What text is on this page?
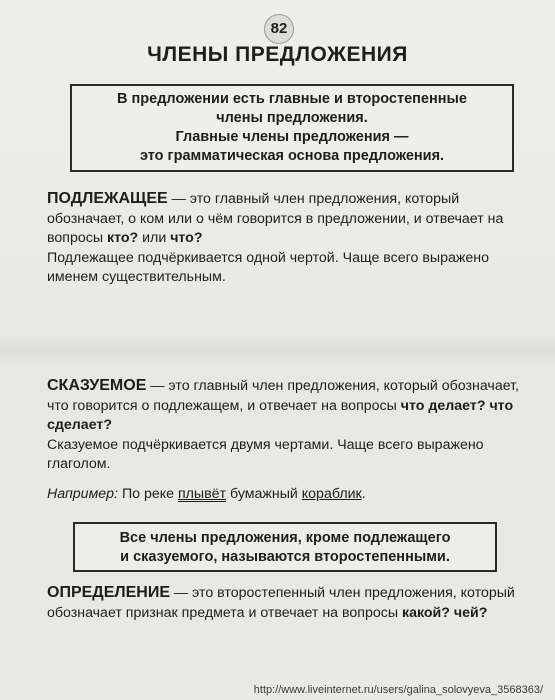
​
82
ЧЛЕНЫ ПРЕДЛОЖЕНИЯ
В предложении есть главные и второстепенные
члены предложения.
Главные члены предложения —
это грамматическая основа предложения.
ПОДЛЕЖАЩЕЕ — это главный член предложения, который обозначает, о ком или о чём говорится в предложении, и отвечает на вопросы кто? или что?
Подлежащее подчёркивается одной чертой. Чаще всего выражено именем существительным.
СКАЗУЕМОЕ — это главный член предложения, который обозначает, что говорится о подлежащем, и отвечает на вопросы что делает? что сделает?
Сказуемое подчёркивается двумя чертами. Чаще всего выражено глаголом.
Например: По реке плывёт бумажный кораблик.
Все члены предложения, кроме подлежащего
и сказуемого, называются второстепенными.
ОПРЕДЕЛЕНИЕ — это второстепенный член предложения, который обозначает признак предмета и отвечает на вопросы какой? чей?
http://www.liveinternet.ru/users/galina_solovyeva_3568363/
